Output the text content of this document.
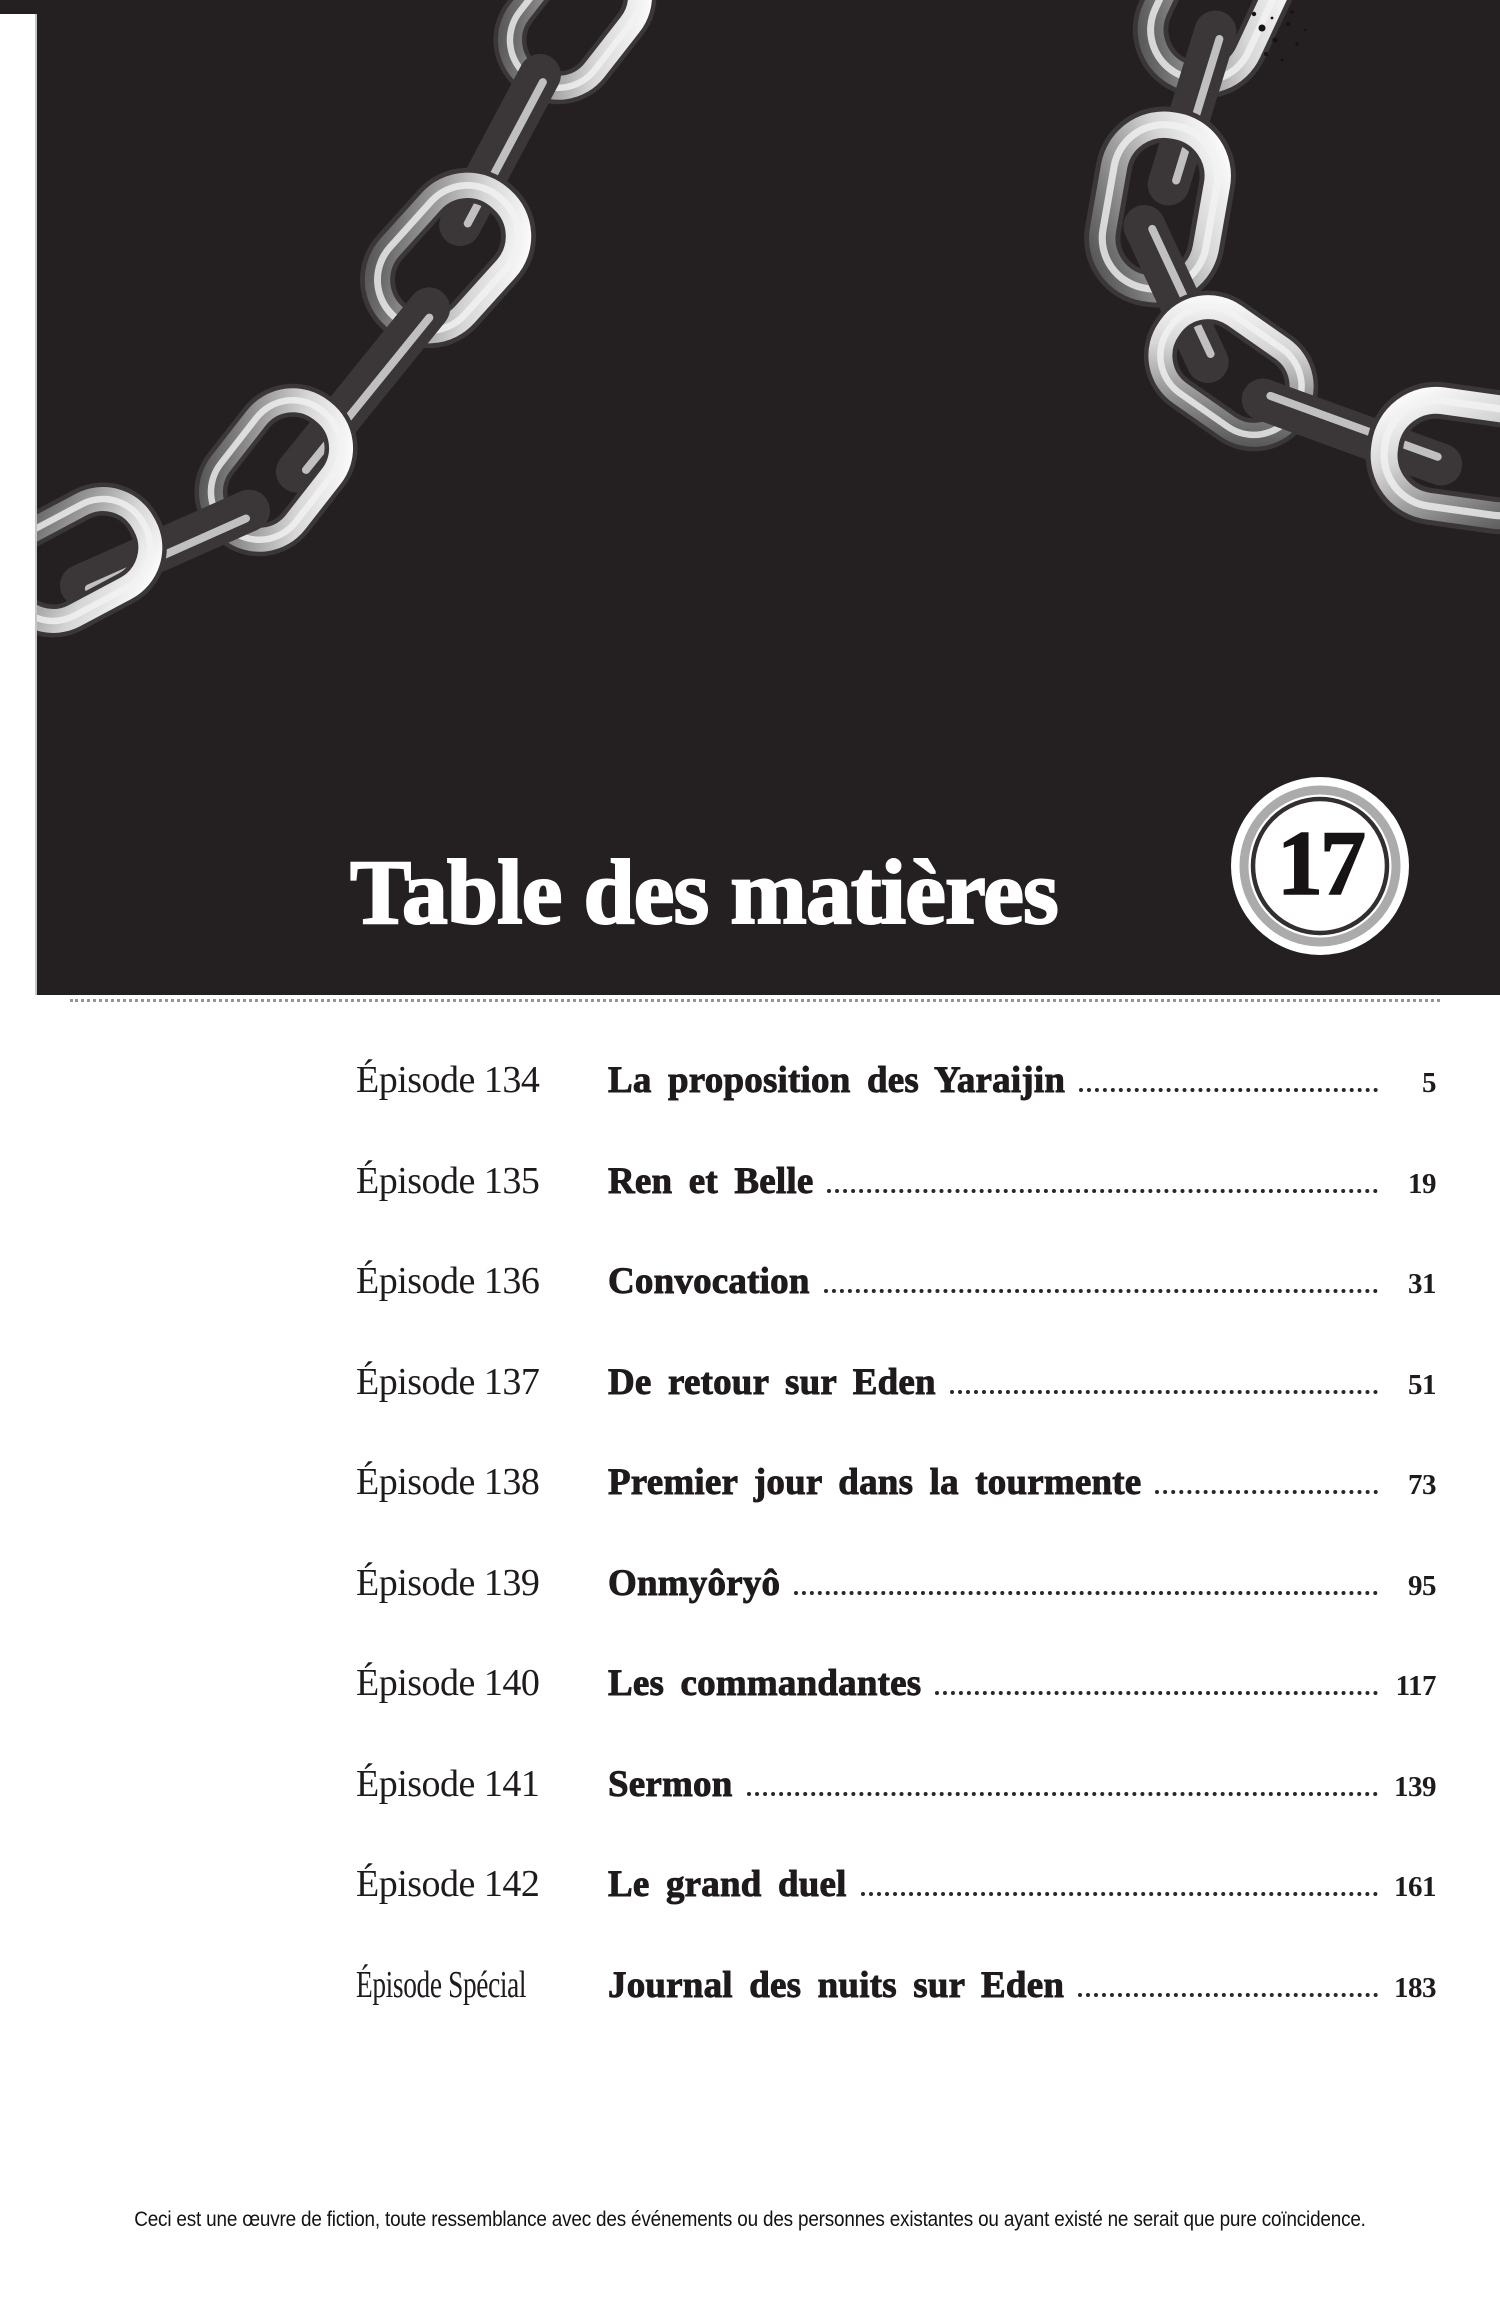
Table des matières	17
Épisode 134	La proposition des Yaraijin	5
Épisode 135	Ren et Belle	19
Épisode 136	Convocation	31
Épisode 137	De retour sur Eden	51
Épisode 138	Premier jour dans la tourmente	73
Épisode 139	Onmyôryô	95
Épisode 140	Les commandantes	117
Épisode 141	Sermon	139
Épisode 142	Le grand duel	161
Épisode Spécial	Journal des nuits sur Eden	183
Ceci est une œuvre de fiction, toute ressemblance avec des événements ou des personnes existantes ou ayant existé ne serait que pure coïncidence.
